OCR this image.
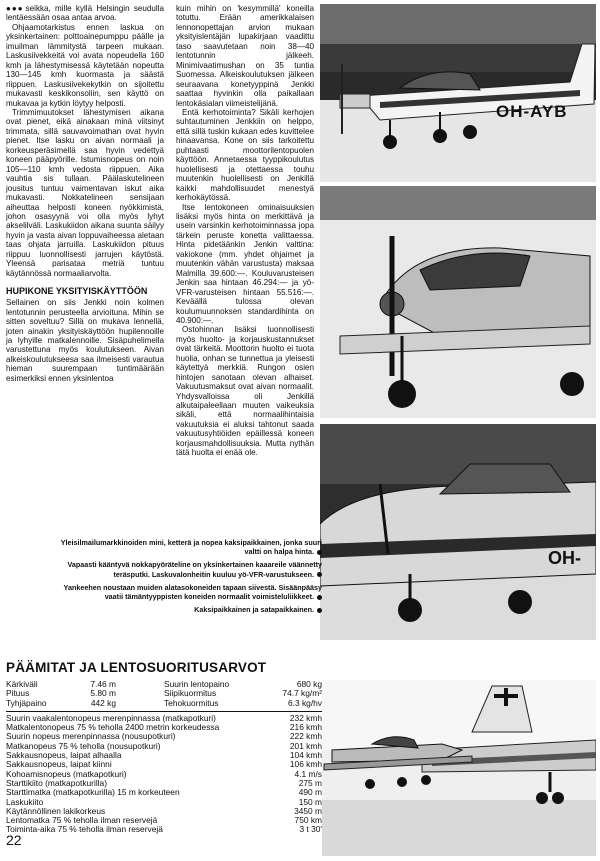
●●● seikka, mille kyllä Helsingin seudulla lentäessään osaa antaa arvoa.

Ohjaamotarkistus ennen laskua on yksinkertainen: polttoainepumppu päälle ja imuilman lämmitystä tarpeen mukaan. Laskusiivekkeitä voi avata nopeudella 160 kmh ja lähestymisessä käytetään nopeutta 130—145 kmh kuormasta ja säästä riippuen. Laskusiivekekytkin on sijoitettu mukavasti keskikonsoliin, sen käyttö on mukavaa ja kytkin löytyy helposti.

Trimmimuutokset lähestymisen aikana ovat pienet, eikä ainakaan minä viitsinyt trimmata, sillä sauvavoimathan ovat hyvin pienet. Itse lasku on aivan normaali ja korkeusperäsimellä saa hyvin vedettyä koneen pääpyörille. Istumisnopeus on noin 105—110 kmh vedosta riippuen. Aika vauhtia sis tullaan. Päälaskutelineen jousitus tuntuu vaimentavan iskut aika mukavasti. Nokkatelineen sensijaan aiheuttaa helposti koneen nyökkimistä, johon osasyynä voi olla myös lyhyt akselilväli. Laskukiidon aikana suunta säilyy hyvin ja vasta aivan loppuvaiheessa aletaan taas ohjata jarruilla. Laskukiidon pituus riippuu luonnollisesti jarrujen käytöstä. Yleensä parisataa metriä tuntuu käytännössä normaaliarvolta.

HUPIKONE YKSITYISKÄYTTÖÖN

Sellainen on siis Jenkki noin kolmen lentotunnin perusteella arvioituna. Mihin se sitten soveltuu? Sillä on mukava lennellä, joten ainakin yksityiskäyttöön hupilennoille ja lyhyille matkalennoille. Sisäpuhelimella varustettuna myös koulutukseen. Aivan alkeiskoulutukseesa saa ilmeisesti varautua hieman suurempaan tuntimäärään esimerkiksi ennen yksinlentoa

kuin mihin on 'kesymmillä' koneilla totuttu. Erään amerikkalaisen lennonopettajan arvion mukaan yksityislentäjän lupakirjaan vaadittu taso saavutetaan noin 38—40 lentotunnin jälkeeh. Minimivaatimushan on 35 tuntia Suomessa. Alkeiskoulutuksen jälkeen seuraavana konetyyppinä Jenkki saattaa hyvinkin olla paikallaan lentokäsialan viimeistelijänä.

Entä kerhotoiminta? Sikäli kerhojen suhtautuminen Jenkkiin on helppo, että sillä tuskin kukaan edes kuvittelee hinaavansa. Kone on siis tarkoitettu puhtaasti moottorilentopuolen käyttöön. Annetaessa tyyppikoulutus huolellisesti ja otettaessa touhu muutenkin huolellisesti on Jenkillä kaikki mahdollisuudet menestyä kerhokäytössä.

Itse lentokoneen ominaisuuksien lisäksi myös hinta on merkittävä ja usein varsinkin kerhotoiminnassa jopa tärkein peruste konetta valittaessa. Hinta pidetäänkin Jenkin valttina: vakiokone (mm. yhdet ohjaimet ja muutenkin vähän varustusta) maksaa Malmilla 39.600:—. Kouluvarusteisen Jenkin saa hintaan 46.294:— ja yö-VFR-varusteisen hintaan 55.516:—. Keväällä tulossa olevan koulumuunnoksen standardihinta on 40.900:—.

Ostohinnan lisäksi luonnollisesti myös huolto- ja korjauskustannukset ovat tärkeitä. Moottorin huolto ei tuota huolia, onhan se tunnettua ja yleisesti käytettyä merkkiä. Rungon osien hintojen sanotaan olevan alhaiset. Vakuutusmaksut ovat aivan normaalit. Yhdysvalloissa oli Jenkillä alkutaipaleellaan muuten vaikeuksia sikäli, että normaalihintaisia vakuutuksia ei aluksi tahtonut saada vakuutusyhtiöiden epäillessä koneen korjausmahdollisuuksia. Mutta nythän tätä huolta ei enää ole.

OH-AYB
OH-

Yleisilmailumarkkinoiden mini, ketterä ja nopea kaksipaikkainen, jonka suuri valtti on halpa hinta.

Vapaasti kääntyvä nokkapyöräteline on yksinkertainen kaaareile väännetty teräsputki. Laskuvalonheitin kuuluu yö-VFR-varustukseen.

Yankeehen noustaan muiden alatasokoneiden tapaan siivestä. Sisäänpääsy vaatii tämäntyyppisten koneiden normaalit voimisteluliikkeet.

Kaksipaikkainen ja satapaikkainen.

PÄÄMITAT JA LENTOSUORITUSARVOT
Kärkiväli	7.46 m	Suurin lentopaino	680 kg
Pituus	5.80 m	Siipikuormitus	74.7 kg/m²
Tyhjäpaino	442 kg	Tehokuormitus	6.3 kg/hv
Suurin vaakalentonopeus merenpinnassa (matkapotkuri)	232 kmh
Matkalentonopeus 75 % teholla 2400 metrin korkeudessa	216 kmh
Suurin nopeus merenpinnassa (nousupotkuri)	222 kmh
Matkanopeus 75 % teholla (nousupotkuri)	201 kmh
Sakkausnopeus, laipat alhaalla	104 kmh
Sakkausnopeus, laipat kiinni	106 kmh
Kohoamisnopeus (matkapotkuri)	4.1 m/s
Starttikiito (matkapotkurilla)	275 m
Starttimatka (matkapotkurilla) 15 m korkeuteen	490 m
Laskukiito	150 m
Käytännöllinen lakikorkeus	3450 m
Lentomatka 75 % teholla ilman reservejä	750 km
Toiminta-aika 75 % teholla ilman reservejä	3 t 30'
22
